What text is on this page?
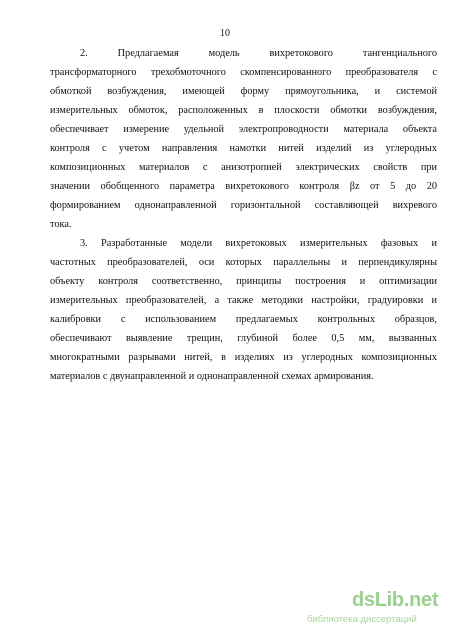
10
2. Предлагаемая модель вихретокового тангенциального
трансформаторного трехобмоточного скомпенсированного преобразователя с
обмоткой возбуждения, имеющей форму прямоугольника, и системой
измерительных обмоток, расположенных в плоскости обмотки возбуждения,
обеспечивает измерение удельной электропроводности материала объекта
контроля с учетом направления намотки нитей изделий из углеродных
композиционных материалов с анизотропией электрических свойств при
значении обобщенного параметра вихретокового контроля βz от 5 до 20
формированием однонаправленной горизонтальной составляющей вихревого
тока.
3. Разработанные модели вихретоковых измерительных фазовых и
частотных преобразователей, оси которых параллельны и перпендикулярны
объекту контроля соответственно, принципы построения и оптимизации
измерительных преобразователей, а также методики настройки, градуировки и
калибровки с использованием предлагаемых контрольных образцов,
обеспечивают выявление трещин, глубиной более 0,5 мм, вызванных
многократными разрывами нитей, в изделиях из углеродных композиционных
материалов с двунаправленной и однонаправленной схемах армирования.
dsLib.net
библиотека диссертаций
